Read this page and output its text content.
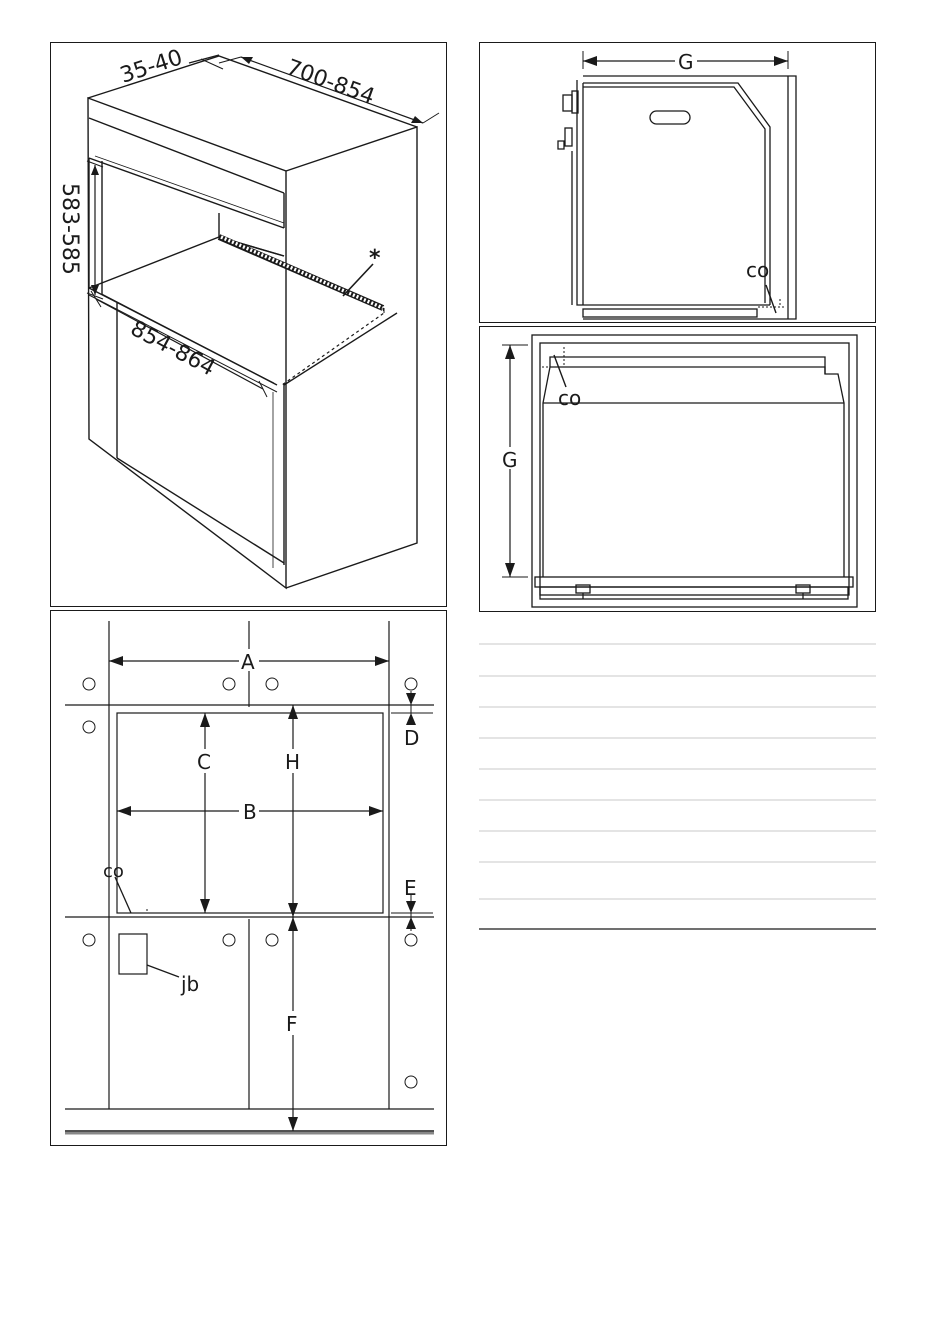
*
35-40	700-854
583-585
854-864
co
G
co
G
co
jb
A
B
C	H
D
E
F
